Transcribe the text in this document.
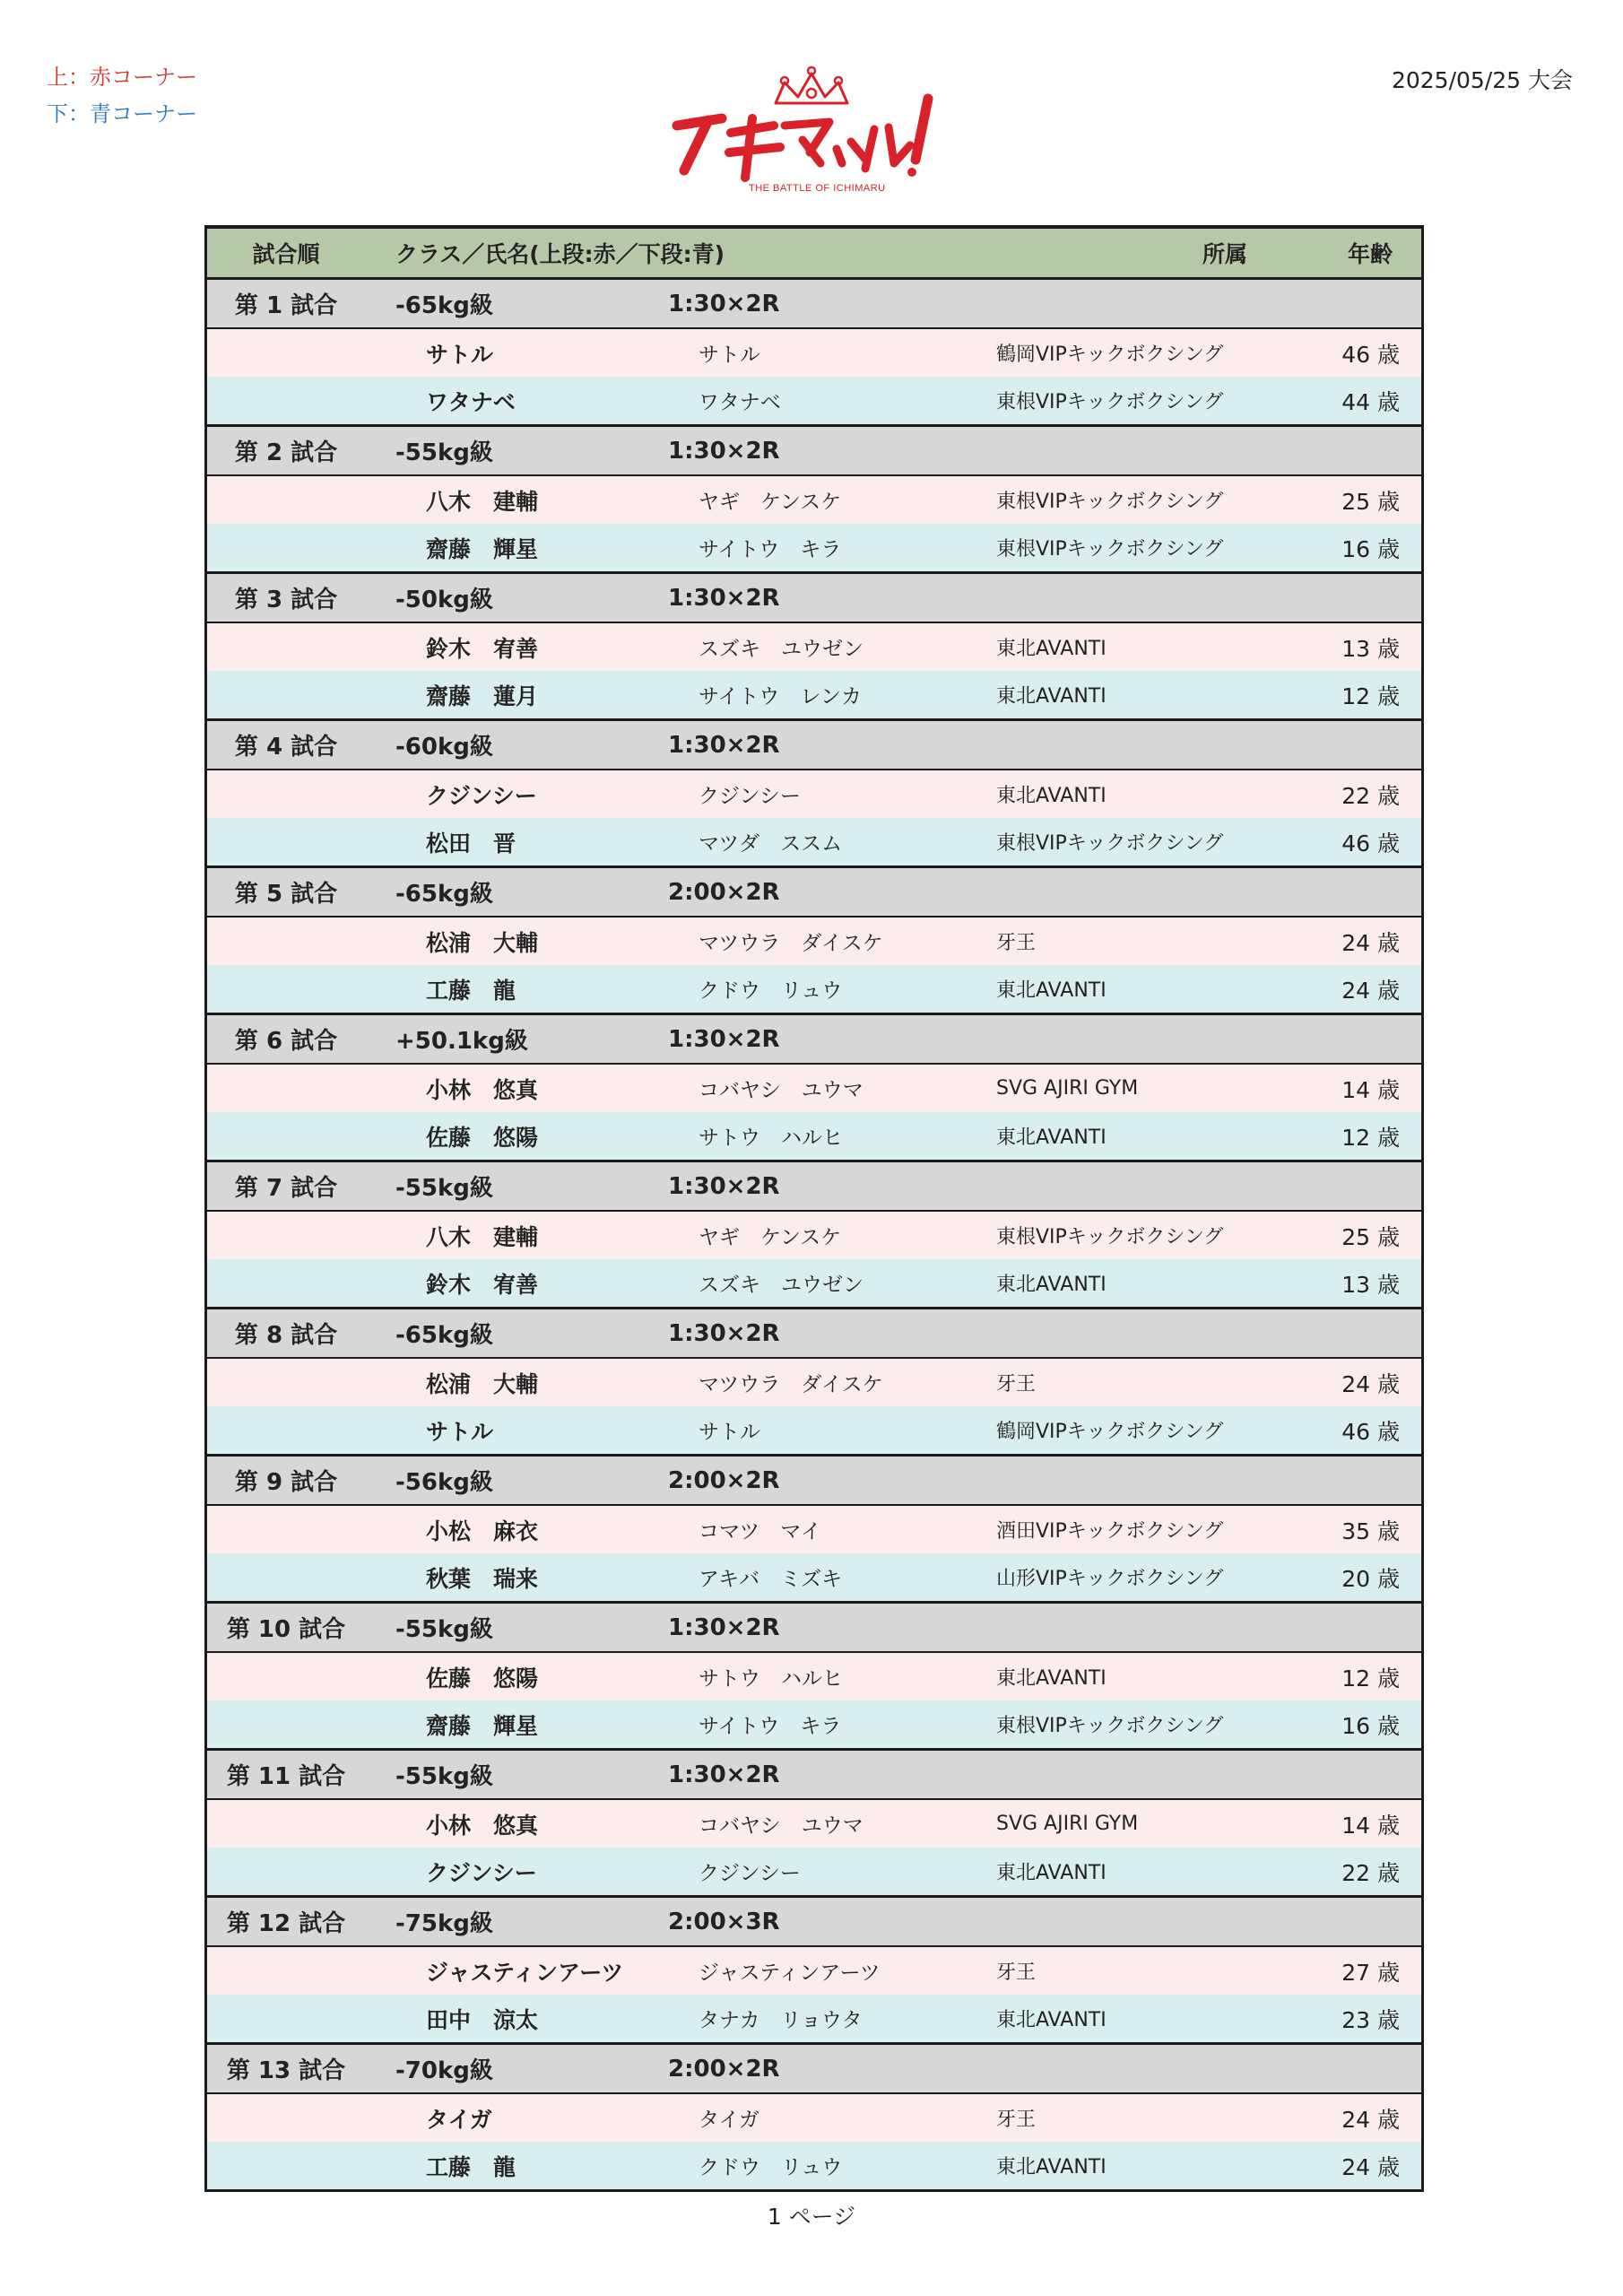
上：赤コーナー
下：青コーナー
2025/05/25 大会
THE BATTLE OF ICHIMARU
試合順	クラス／氏名(上段:赤／下段:青)	所属	年齢
第 1 試合	-65kg級	1:30×2R
サトル	サトル	鶴岡VIPキックボクシング	46 歳
ワタナベ	ワタナベ	東根VIPキックボクシング	44 歳
第 2 試合	-55kg級	1:30×2R
八木　建輔	ヤギ　ケンスケ	東根VIPキックボクシング	25 歳
齋藤　輝星	サイトウ　キラ	東根VIPキックボクシング	16 歳
第 3 試合	-50kg級	1:30×2R
鈴木　宥善	スズキ　ユウゼン	東北AVANTI	13 歳
齋藤　蓮月	サイトウ　レンカ	東北AVANTI	12 歳
第 4 試合	-60kg級	1:30×2R
クジンシー	クジンシー	東北AVANTI	22 歳
松田　晋	マツダ　ススム	東根VIPキックボクシング	46 歳
第 5 試合	-65kg級	2:00×2R
松浦　大輔	マツウラ　ダイスケ	牙王	24 歳
工藤　龍	クドウ　リュウ	東北AVANTI	24 歳
第 6 試合	+50.1kg級	1:30×2R
小林　悠真	コバヤシ　ユウマ	SVG AJIRI GYM	14 歳
佐藤　悠陽	サトウ　ハルヒ	東北AVANTI	12 歳
第 7 試合	-55kg級	1:30×2R
八木　建輔	ヤギ　ケンスケ	東根VIPキックボクシング	25 歳
鈴木　宥善	スズキ　ユウゼン	東北AVANTI	13 歳
第 8 試合	-65kg級	1:30×2R
松浦　大輔	マツウラ　ダイスケ	牙王	24 歳
サトル	サトル	鶴岡VIPキックボクシング	46 歳
第 9 試合	-56kg級	2:00×2R
小松　麻衣	コマツ　マイ	酒田VIPキックボクシング	35 歳
秋葉　瑞来	アキバ　ミズキ	山形VIPキックボクシング	20 歳
第 10 試合	-55kg級	1:30×2R
佐藤　悠陽	サトウ　ハルヒ	東北AVANTI	12 歳
齋藤　輝星	サイトウ　キラ	東根VIPキックボクシング	16 歳
第 11 試合	-55kg級	1:30×2R
小林　悠真	コバヤシ　ユウマ	SVG AJIRI GYM	14 歳
クジンシー	クジンシー	東北AVANTI	22 歳
第 12 試合	-75kg級	2:00×3R
ジャスティンアーツ	ジャスティンアーツ	牙王	27 歳
田中　涼太	タナカ　リョウタ	東北AVANTI	23 歳
第 13 試合	-70kg級	2:00×2R
タイガ	タイガ	牙王	24 歳
工藤　龍	クドウ　リュウ	東北AVANTI	24 歳
1 ページ
